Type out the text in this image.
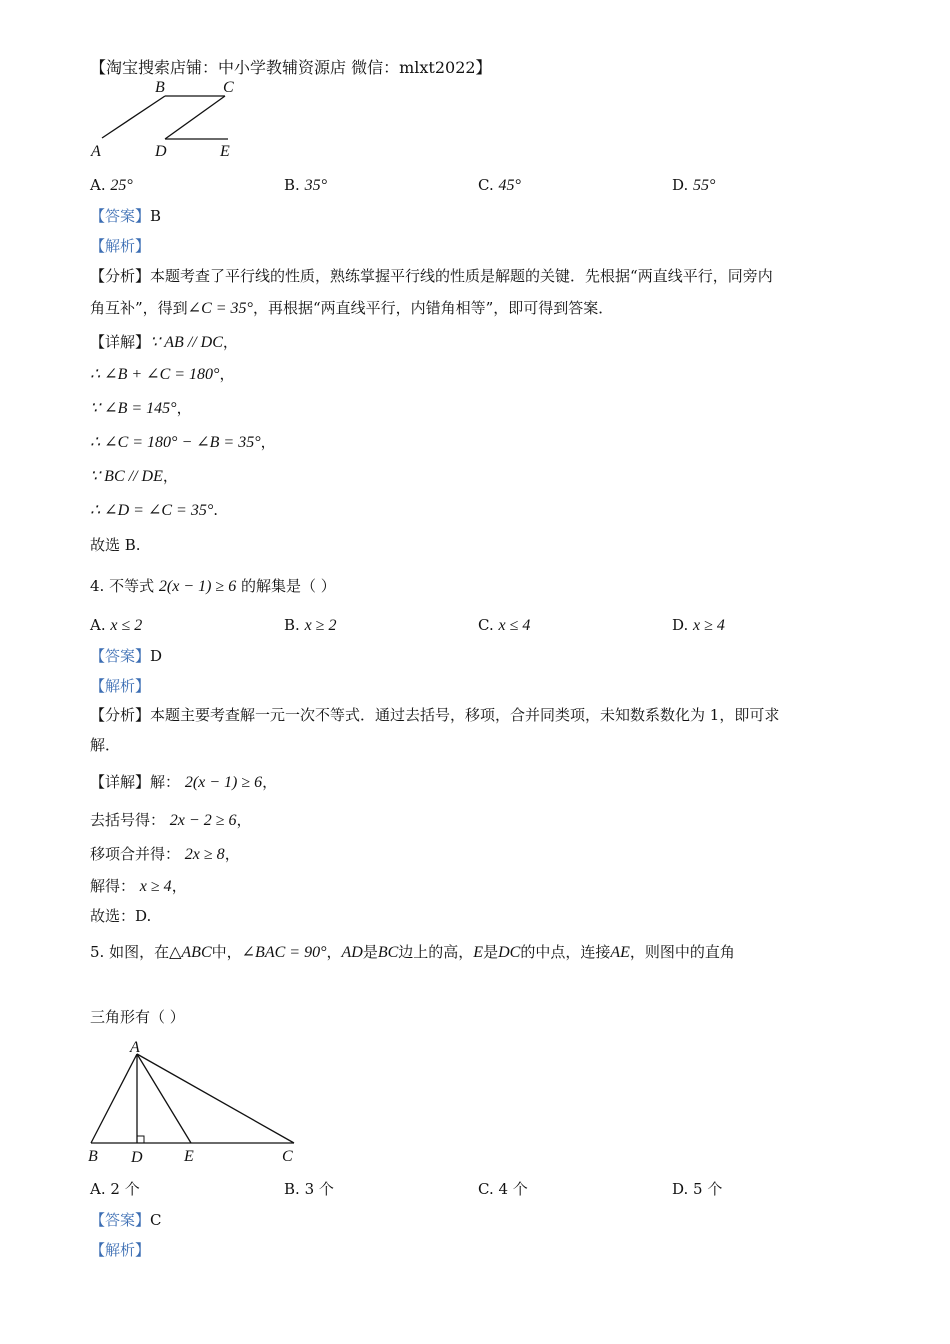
【淘宝搜索店铺：中小学教辅资源店 微信：mlxt2022】
A
B	C
D	E
A. 25°	B. 35°	C. 45°	D. 55°
【答案】B
【解析】
【分析】本题考查了平行线的性质，熟练掌握平行线的性质是解题的关键．先根据“两直线平行，同旁内
角互补”，得到∠C = 35°，再根据“两直线平行，内错角相等”，即可得到答案．
【详解】∵ AB // DC，
∴ ∠B + ∠C = 180°，
∵ ∠B = 145°，
∴ ∠C = 180° − ∠B = 35°，
∵ BC // DE，
∴ ∠D = ∠C = 35°.
故选 B.
4. 不等式 2(x − 1) ≥ 6 的解集是（ ）
A. x ≤ 2	B. x ≥ 2	C. x ≤ 4	D. x ≥ 4
【答案】D
【解析】
【分析】本题主要考查解一元一次不等式．通过去括号，移项，合并同类项，未知数系数化为 1，即可求
解．
【详解】解： 2(x − 1) ≥ 6，
去括号得： 2x − 2 ≥ 6，
移项合并得： 2x ≥ 8，
解得： x ≥ 4，
故选：D.
5. 如图，在△ABC中，∠BAC = 90°，AD是BC边上的高，E是DC的中点，连接AE，则图中的直角
三角形有（ ）
A
B D	E	C
A. 2 个	B. 3 个	C. 4 个	D. 5 个
【答案】C
【解析】
